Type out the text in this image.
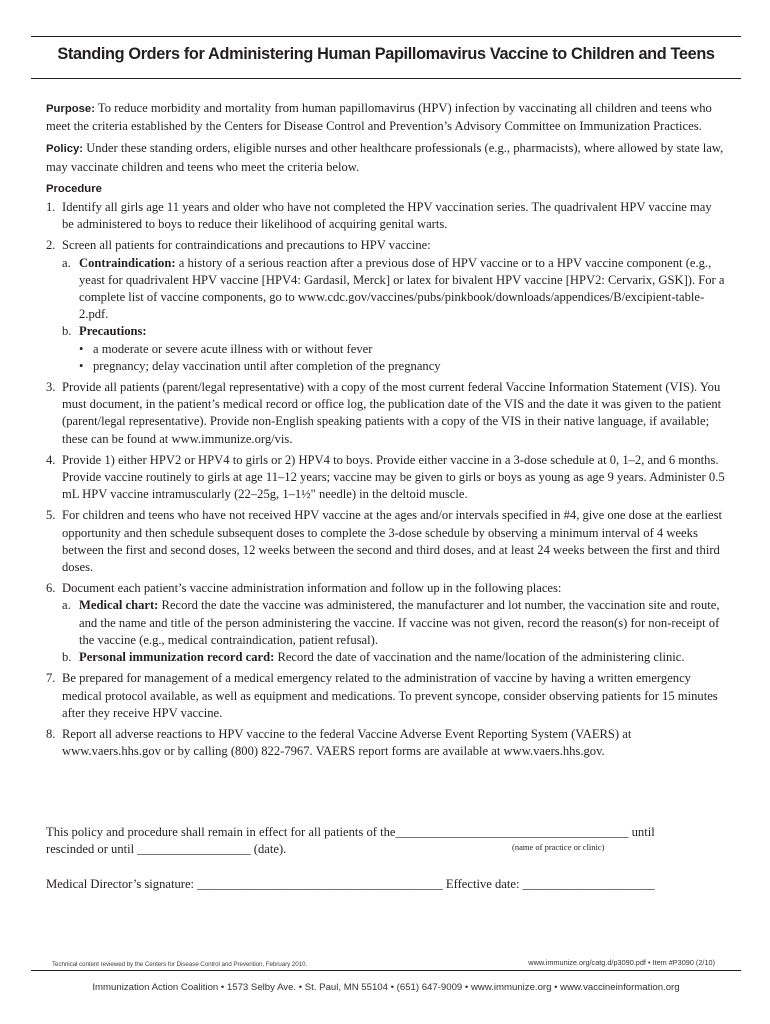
Standing Orders for Administering Human Papillomavirus Vaccine to Children and Teens

Purpose: To reduce morbidity and mortality from human papillomavirus (HPV) infection by vaccinating all children and teens who meet the criteria established by the Centers for Disease Control and Prevention’s Advisory Committee on Immunization Practices.

Policy: Under these standing orders, eligible nurses and other healthcare professionals (e.g., pharmacists), where allowed by state law, may vaccinate children and teens who meet the criteria below.

Procedure
1. Identify all girls age 11 years and older who have not completed the HPV vaccination series. The quadrivalent HPV vaccine may be administered to boys to reduce their likelihood of acquiring genital warts.
2. Screen all patients for contraindications and precautions to HPV vaccine:
a. Contraindication: a history of a serious reaction after a previous dose of HPV vaccine or to a HPV vaccine component (e.g., yeast for quadrivalent HPV vaccine [HPV4: Gardasil, Merck] or latex for bivalent HPV vaccine [HPV2: Cervarix, GSK]). For a complete list of vaccine components, go to www.cdc.gov/vaccines/pubs/pinkbook/downloads/appendices/B/excipient-table-2.pdf.
b. Precautions:
• a moderate or severe acute illness with or without fever
• pregnancy; delay vaccination until after completion of the pregnancy
3. Provide all patients (parent/legal representative) with a copy of the most current federal Vaccine Information Statement (VIS). You must document, in the patient’s medical record or office log, the publication date of the VIS and the date it was given to the patient (parent/legal representative). Provide non-English speaking patients with a copy of the VIS in their native language, if available; these can be found at www.immunize.org/vis.
4. Provide 1) either HPV2 or HPV4 to girls or 2) HPV4 to boys. Provide either vaccine in a 3-dose schedule at 0, 1–2, and 6 months. Provide vaccine routinely to girls at age 11–12 years; vaccine may be given to girls or boys as young as age 9 years. Administer 0.5 mL HPV vaccine intramuscularly (22–25g, 1–1½" needle) in the deltoid muscle.
5. For children and teens who have not received HPV vaccine at the ages and/or intervals specified in #4, give one dose at the earliest opportunity and then schedule subsequent doses to complete the 3-dose schedule by observing a minimum interval of 4 weeks between the first and second doses, 12 weeks between the second and third doses, and at least 24 weeks between the first and third doses.
6. Document each patient’s vaccine administration information and follow up in the following places:
a. Medical chart: Record the date the vaccine was administered, the manufacturer and lot number, the vaccination site and route, and the name and title of the person administering the vaccine. If vaccine was not given, record the reason(s) for non-receipt of the vaccine (e.g., medical contraindication, patient refusal).
b. Personal immunization record card: Record the date of vaccination and the name/location of the administering clinic.
7. Be prepared for management of a medical emergency related to the administration of vaccine by having a written emergency medical protocol available, as well as equipment and medications. To prevent syncope, consider observing patients for 15 minutes after they receive HPV vaccine.
8. Report all adverse reactions to HPV vaccine to the federal Vaccine Adverse Event Reporting System (VAERS) at www.vaers.hhs.gov or by calling (800) 822-7967. VAERS report forms are available at www.vaers.hhs.gov.
This policy and procedure shall remain in effect for all patients of the_____________________________________ until
rescinded or until __________________ (date).	(name of practice or clinic)
Medical Director’s signature: _______________________________________ Effective date: _____________________
Technical content reviewed by the Centers for Disease Control and Prevention, February 2010.	www.immunize.org/catg.d/p3090.pdf • Item #P3090 (2/10)
Immunization Action Coalition • 1573 Selby Ave. • St. Paul, MN 55104 • (651) 647-9009 • www.immunize.org • www.vaccineinformation.org
